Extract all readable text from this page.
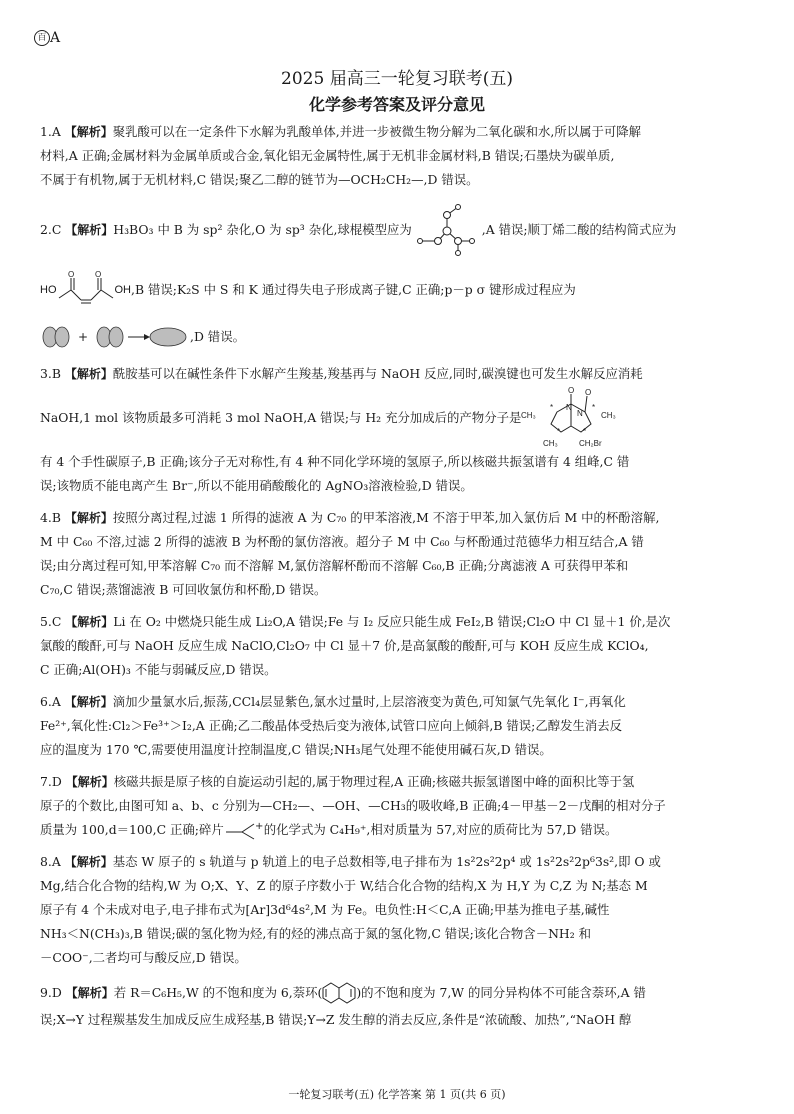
百 A
2025 届高三一轮复习联考(五)
化学参考答案及评分意见
1.A 【解析】聚乳酸可以在一定条件下水解为乳酸单体,并进一步被微生物分解为二氧化碳和水,所以属于可降解
材料,A 正确;金属材料为金属单质或合金,氧化铝无金属特性,属于无机非金属材料,B 错误;石墨炔为碳单质,
不属于有机物,属于无机材料,C 错误;聚乙二醇的链节为—OCH₂CH₂—,D 错误。
2.C
【解析】 H₃BO₃ 中 B 为 sp² 杂化,O 为 sp³ 杂化,球棍模型应为	,A 错误;顺丁烯二酸的结构简式应为
HO
O	O
OH ,B 错误;K₂S 中 S 和 K 通过得失电子形成离子键,C 正确;p－p σ 键形成过程应为
+	,D 错误。
3.B 【解析】酰胺基可以在碱性条件下水解产生羧基,羧基再与 NaOH 反应,同时,碳溴键也可发生水解反应消耗
NaOH,1 mol 该物质最多可消耗 3 mol NaOH,A 错误;与 H₂ 充分加成后的产物分子是
O O
N
N
*	*
*	*
CH₃	CH₃
CH₃	CH₂Br
有 4 个手性碳原子,B 正确;该分子无对称性,有 4 种不同化学环境的氢原子,所以核磁共振氢谱有 4 组峰,C 错
误;该物质不能电离产生 Br⁻,所以不能用硝酸酸化的 AgNO₃溶液检验,D 错误。
4.B 【解析】按照分离过程,过滤 1 所得的滤液 A 为 C₇₀ 的甲苯溶液,M 不溶于甲苯,加入氯仿后 M 中的杯酚溶解,
M 中 C₆₀ 不溶,过滤 2 所得的滤液 B 为杯酚的氯仿溶液。超分子 M 中 C₆₀ 与杯酚通过范德华力相互结合,A 错
误;由分离过程可知,甲苯溶解 C₇₀ 而不溶解 M,氯仿溶解杯酚而不溶解 C₆₀,B 正确;分离滤液 A 可获得甲苯和
C₇₀,C 错误;蒸馏滤液 B 可回收氯仿和杯酚,D 错误。
5.C 【解析】Li 在 O₂ 中燃烧只能生成 Li₂O,A 错误;Fe 与 I₂ 反应只能生成 FeI₂,B 错误;Cl₂O 中 Cl 显＋1 价,是次
氯酸的酸酐,可与 NaOH 反应生成 NaClO,Cl₂O₇ 中 Cl 显＋7 价,是高氯酸的酸酐,可与 KOH 反应生成 KClO₄,
C 正确;Al(OH)₃ 不能与弱碱反应,D 错误。
6.A 【解析】滴加少量氯水后,振荡,CCl₄层显紫色,氯水过量时,上层溶液变为黄色,可知氯气先氧化 I⁻,再氧化
Fe²⁺,氧化性:Cl₂＞Fe³⁺＞I₂,A 正确;乙二酸晶体受热后变为液体,试管口应向上倾斜,B 错误;乙醇发生消去反
应的温度为 170 ℃,需要使用温度计控制温度,C 错误;NH₃尾气处理不能使用碱石灰,D 错误。
7.D 【解析】核磁共振是原子核的自旋运动引起的,属于物理过程,A 正确;核磁共振氢谱图中峰的面积比等于氢
原子的个数比,由图可知 a、b、c 分别为—CH₂—、—OH、—CH₃的吸收峰,B 正确;4－甲基－2－戊酮的相对分子
质量为 100,d＝100,C 正确;碎片	+ 的化学式为 C₄H₉⁺,相对质量为 57,对应的质荷比为 57,D 错误。
8.A 【解析】基态 W 原子的 s 轨道与 p 轨道上的电子总数相等,电子排布为 1s²2s²2p⁴ 或 1s²2s²2p⁶3s²,即 O 或
Mg,结合化合物的结构,W 为 O;X、Y、Z 的原子序数小于 W,结合化合物的结构,X 为 H,Y 为 C,Z 为 N;基态 M
原子有 4 个未成对电子,电子排布式为[Ar]3d⁶4s²,M 为 Fe。电负性:H＜C,A 正确;甲基为推电子基,碱性
NH₃＜N(CH₃)₃,B 错误;碳的氢化物为烃,有的烃的沸点高于氮的氢化物,C 错误;该化合物含－NH₂ 和
－COO⁻,二者均可与酸反应,D 错误。
9.D
【解析】 若 R＝C₆H₅,W 的不饱和度为 6,萘环(	)的不饱和度为 7,W 的同分异构体不可能含萘环,A 错
误;X→Y 过程羰基发生加成反应生成羟基,B 错误;Y→Z 发生醇的消去反应,条件是“浓硫酸、加热”,“NaOH 醇
一轮复习联考(五) 化学答案 第 1 页(共 6 页)
